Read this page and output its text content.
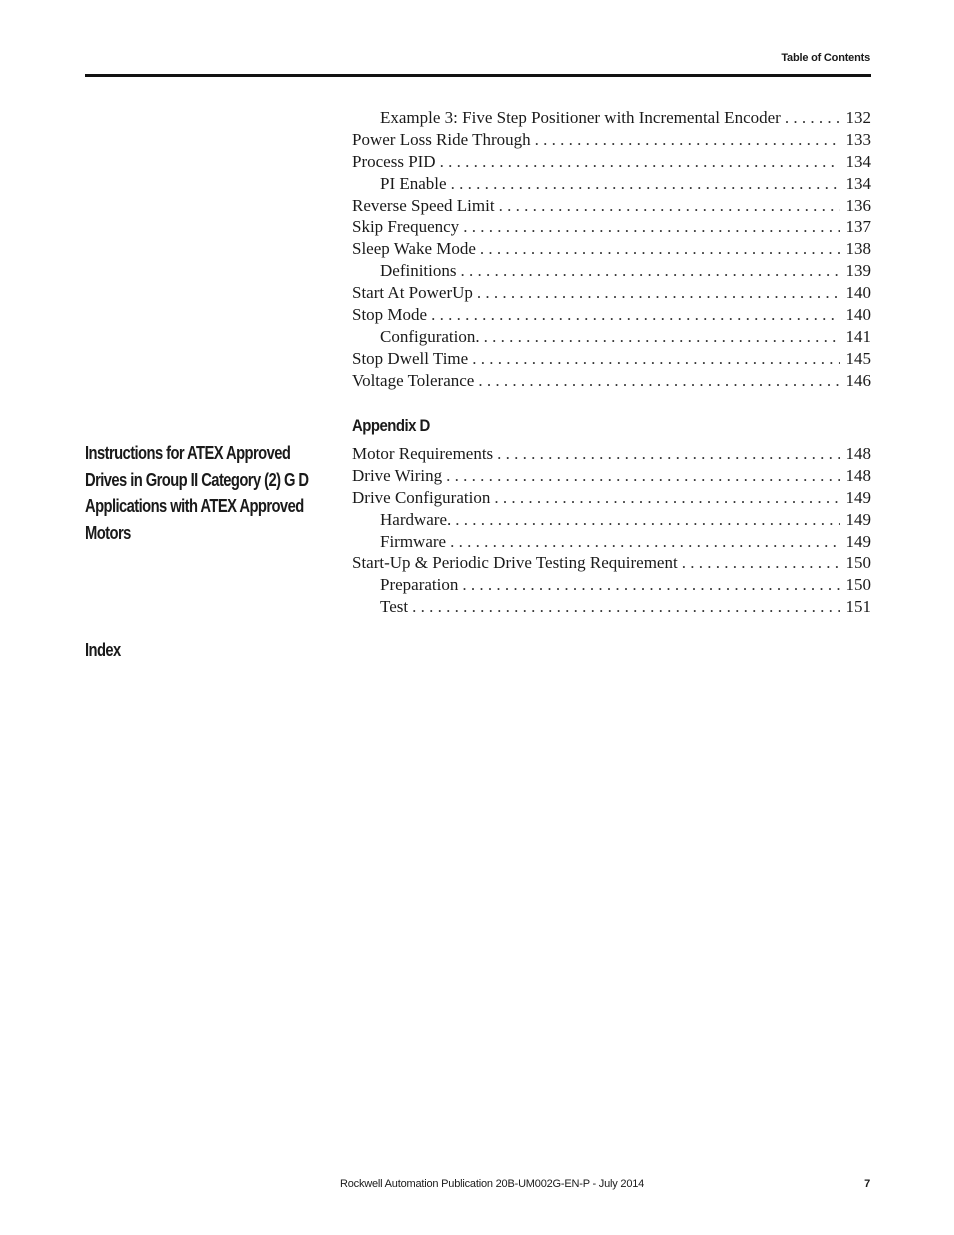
Table of Contents
Example 3: Five Step Positioner with Incremental Encoder . . .	132
Power Loss Ride Through . . .	133
Process PID . . .	134
PI Enable . . .	134
Reverse Speed Limit . . .	136
Skip Frequency . . .	137
Sleep Wake Mode . . .	138
Definitions . . .	139
Start At PowerUp . . .	140
Stop Mode . . .	140
Configuration. . . .	141
Stop Dwell Time . . .	145
Voltage Tolerance . . .	146
Appendix D
Instructions for ATEX Approved Drives in Group II Category (2) G D Applications with ATEX Approved Motors
Motor Requirements . . .	148
Drive Wiring . . .	148
Drive Configuration . . .	149
Hardware. . . .	149
Firmware . . .	149
Start-Up & Periodic Drive Testing Requirement . . .	150
Preparation . . .	150
Test . . .	151
Index
Rockwell Automation Publication 20B-UM002G-EN-P - July 2014	7
